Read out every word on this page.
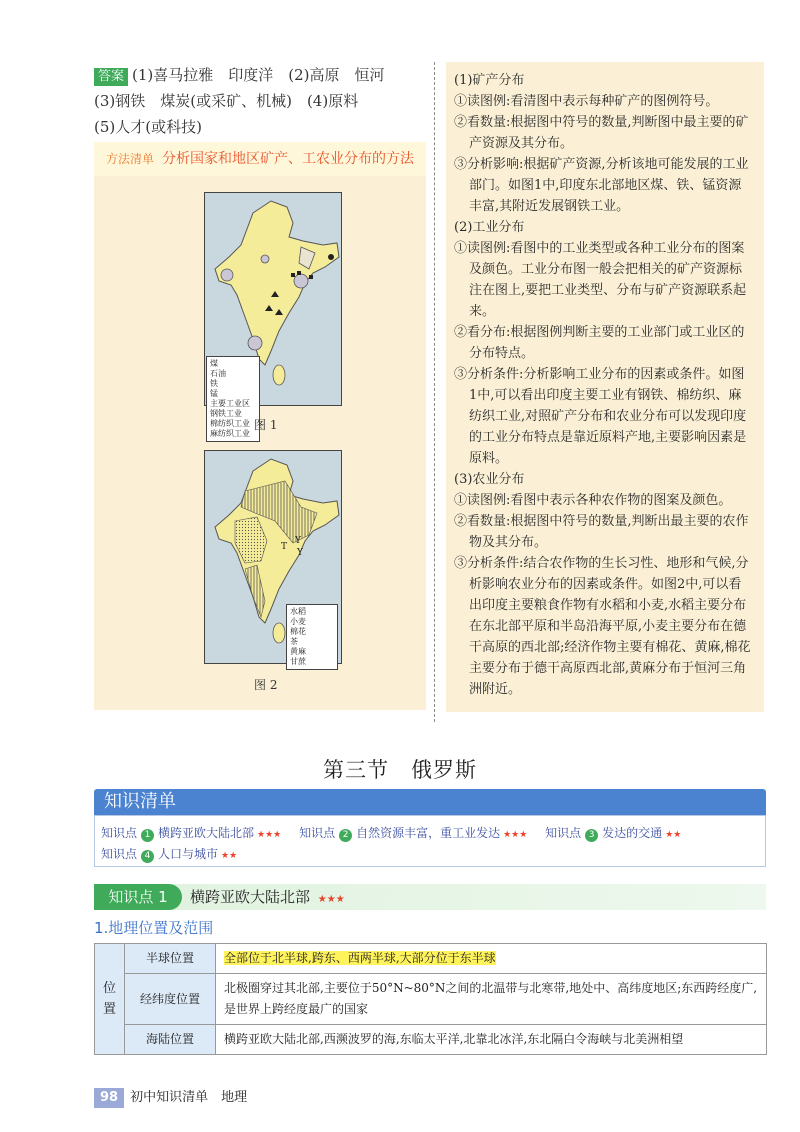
答案 (1)喜马拉雅　印度洋　(2)高原　恒河
(3)钢铁　煤炭(或采矿、机械)　(4)原料
(5)人才(或科技)
方法清单 分析国家和地区矿产、工农业分布的方法
煤
石油
铁
锰
主要工业区
钢铁工业
棉纺织工业
麻纺织工业
图 1
Y
T
Y
水稻
小麦
棉花
茶
黄麻
甘蔗
图 2

(1)矿产分布

①读图例:看清图中表示每种矿产的图例符号。

②看数量:根据图中符号的数量,判断图中最主要的矿产资源及其分布。

③分析影响:根据矿产资源,分析该地可能发展的工业部门。如图1中,印度东北部地区煤、铁、锰资源丰富,其附近发展钢铁工业。

(2)工业分布

①读图例:看图中的工业类型或各种工业分布的图案及颜色。工业分布图一般会把相关的矿产资源标注在图上,要把工业类型、分布与矿产资源联系起来。

②看分布:根据图例判断主要的工业部门或工业区的分布特点。

③分析条件:分析影响工业分布的因素或条件。如图1中,可以看出印度主要工业有钢铁、棉纺织、麻纺织工业,对照矿产分布和农业分布可以发现印度的工业分布特点是靠近原料产地,主要影响因素是原料。

(3)农业分布

①读图例:看图中表示各种农作物的图案及颜色。

②看数量:根据图中符号的数量,判断出最主要的农作物及其分布。

③分析条件:结合农作物的生长习性、地形和气候,分析影响农业分布的因素或条件。如图2中,可以看出印度主要粮食作物有水稻和小麦,水稻主要分布在东北部平原和半岛沿海平原,小麦主要分布在德干高原的西北部;经济作物主要有棉花、黄麻,棉花主要分布于德干高原西北部,黄麻分布于恒河三角洲附近。

第三节　俄罗斯
知识清单
知识点 1 横跨亚欧大陆北部 ★★★ 知识点 2 自然资源丰富，重工业发达 ★★★ 知识点 3 发达的交通 ★★
知识点 4 人口与城市 ★★
知识点 1	横跨亚欧大陆北部 ★★★
1.地理位置及范围
位置	半球位置	全部位于北半球,跨东、西两半球,大部分位于东半球
	经纬度位置	北极圈穿过其北部,主要位于50°N~80°N之间的北温带与北寒带,地处中、高纬度地区;东西跨经度广,是世界上跨经度最广的国家
	海陆位置	横跨亚欧大陆北部,西濒波罗的海,东临太平洋,北靠北冰洋,东北隔白令海峡与北美洲相望
98 初中知识清单　地理
